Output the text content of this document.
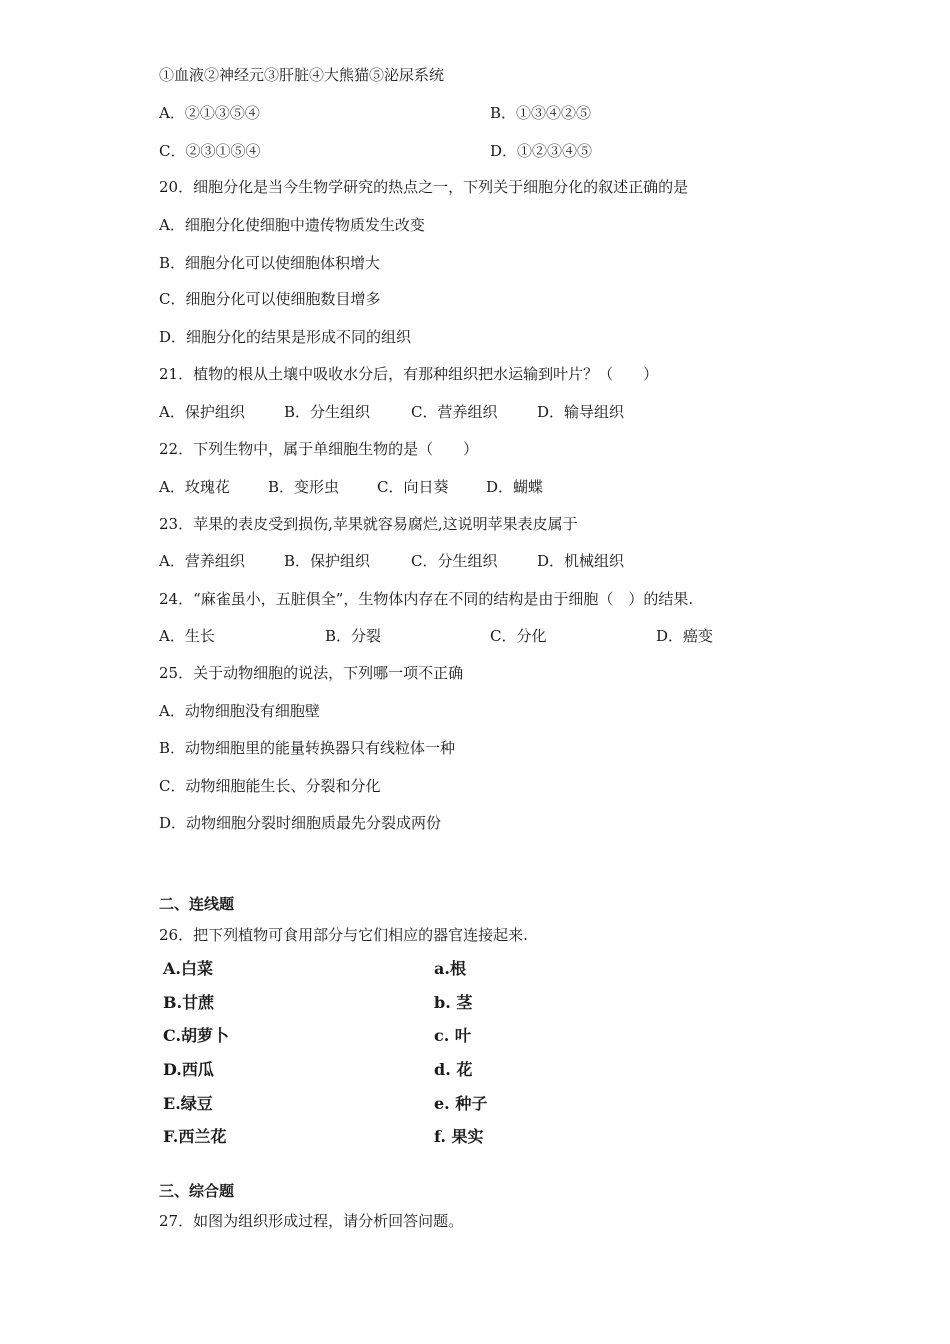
①血液②神经元③肝脏④大熊猫⑤泌尿系统
A．②①③⑤④	B．①③④②⑤
C．②③①⑤④	D．①②③④⑤
20．细胞分化是当今生物学研究的热点之一，下列关于细胞分化的叙述正确的是
A．细胞分化使细胞中遗传物质发生改变
B．细胞分化可以使细胞体积增大
C．细胞分化可以使细胞数目增多
D．细胞分化的结果是形成不同的组织
21．植物的根从土壤中吸收水分后，有那种组织把水运输到叶片？（　　）
A．保护组织	B．分生组织	C．营养组织	D．输导组织
22．下列生物中，属于单细胞生物的是（　　）
A．玫瑰花	B．变形虫	C．向日葵	D．蝴蝶
23．苹果的表皮受到损伤,苹果就容易腐烂,这说明苹果表皮属于
A．营养组织	B．保护组织	C．分生组织	D．机械组织
24．“麻雀虽小，五脏俱全”，生物体内存在不同的结构是由于细胞（　）的结果.
A．生长	B．分裂	C．分化	D．癌变
25．关于动物细胞的说法，下列哪一项不正确
A．动物细胞没有细胞壁
B．动物细胞里的能量转换器只有线粒体一种
C．动物细胞能生长、分裂和分化
D．动物细胞分裂时细胞质最先分裂成两份
二、连线题
26．把下列植物可食用部分与它们相应的器官连接起来.
A.白菜	a.根
B.甘蔗	b. 茎
C.胡萝卜	c. 叶
D.西瓜	d. 花
E.绿豆	e. 种子
F.西兰花	f. 果实
三、综合题
27．如图为组织形成过程，请分析回答问题。
